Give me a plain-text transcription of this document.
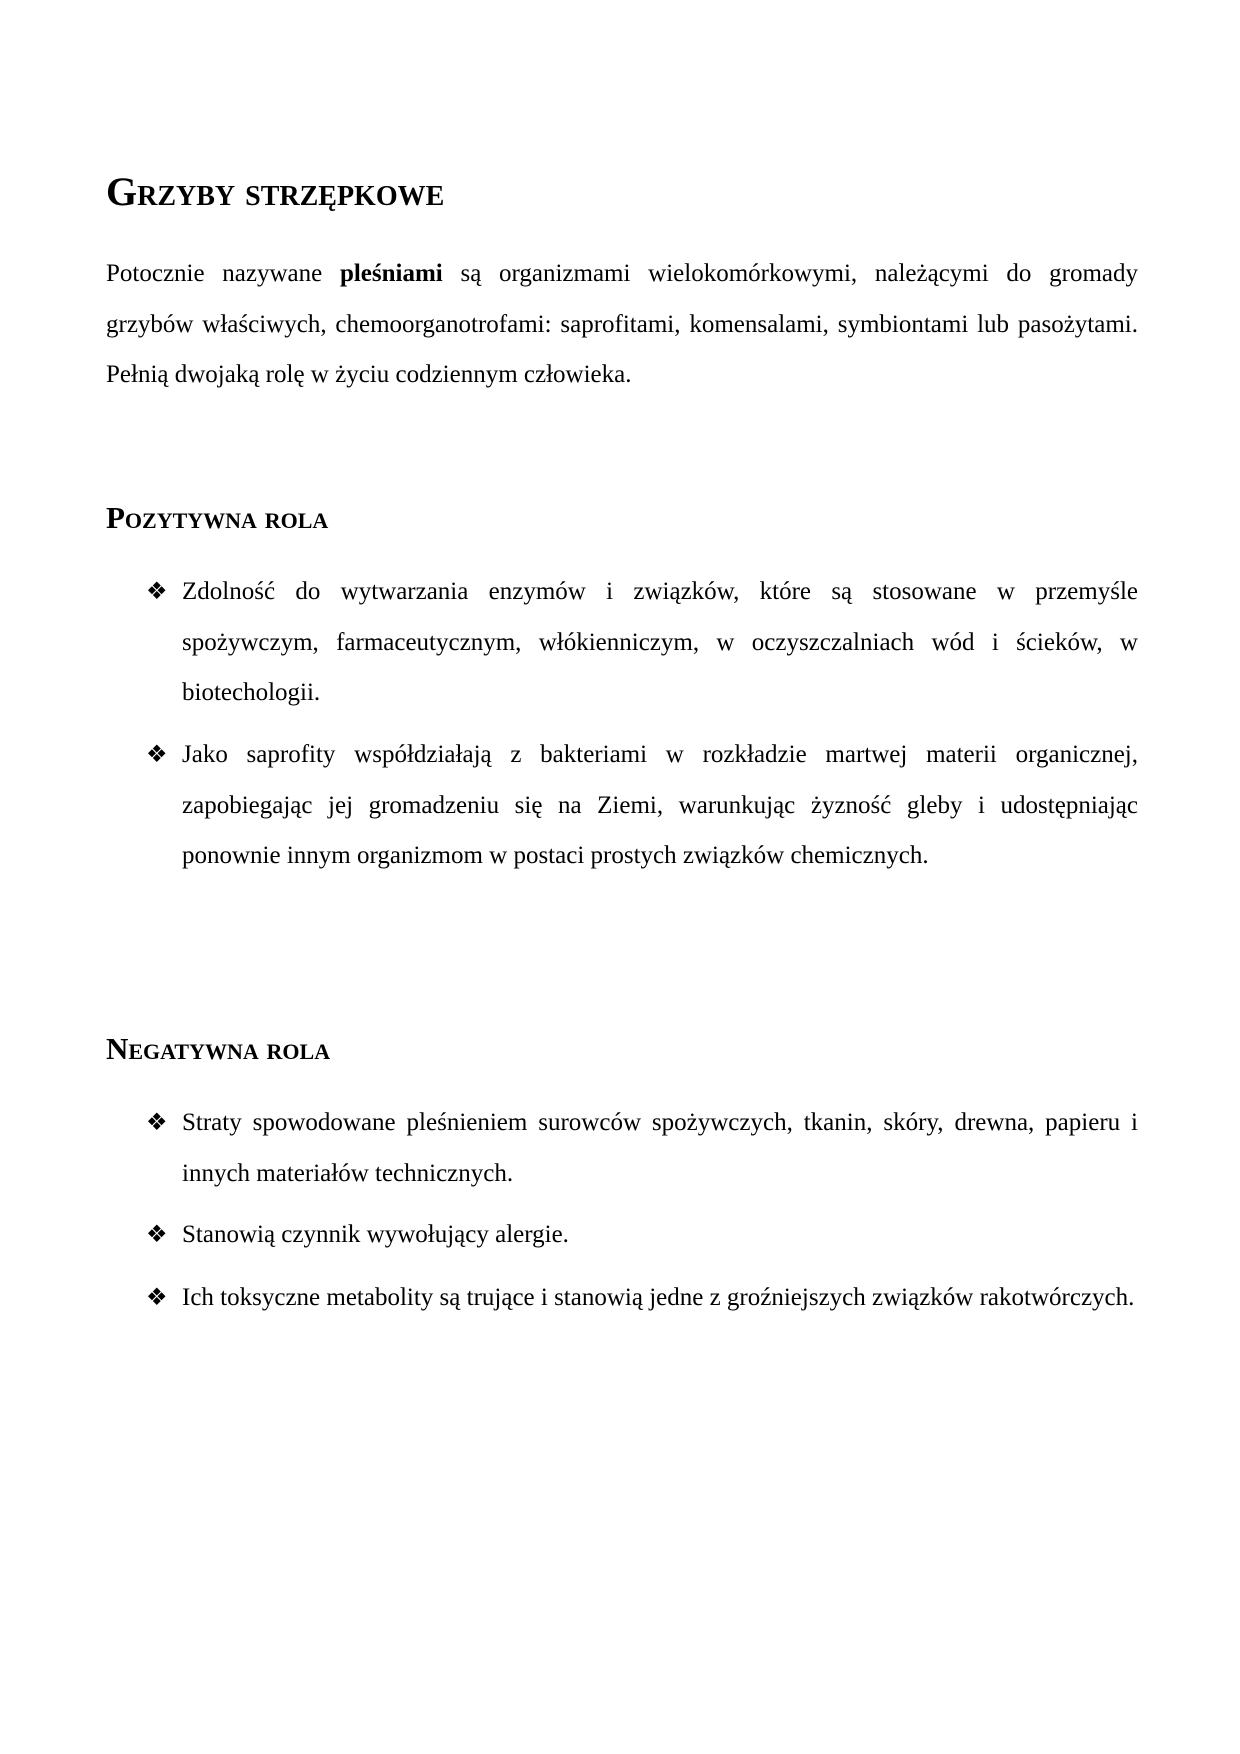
Grzyby strzępkowe

Potocznie nazywane pleśniami są organizmami wielokomórkowymi, należącymi do gromady grzybów właściwych, chemoorganotrofami: saprofitami, komensalami, symbiontami lub pasożytami. Pełnią dwojaką rolę w życiu codziennym człowieka.

Pozytywna rola
❖ Zdolność do wytwarzania enzymów i związków, które są stosowane w przemyśle spożywczym, farmaceutycznym, włókienniczym, w oczyszczalniach wód i ścieków, w biotechologii.
❖ Jako saprofity współdziałają z bakteriami w rozkładzie martwej materii organicznej, zapobiegając jej gromadzeniu się na Ziemi, warunkując żyzność gleby i udostępniając ponownie innym organizmom w postaci prostych związków chemicznych.
Negatywna rola
❖ Straty spowodowane pleśnieniem surowców spożywczych, tkanin, skóry, drewna, papieru i innych materiałów technicznych.
❖ Stanowią czynnik wywołujący alergie.
❖ Ich toksyczne metabolity są trujące i stanowią jedne z groźniejszych związków rakotwórczych.
